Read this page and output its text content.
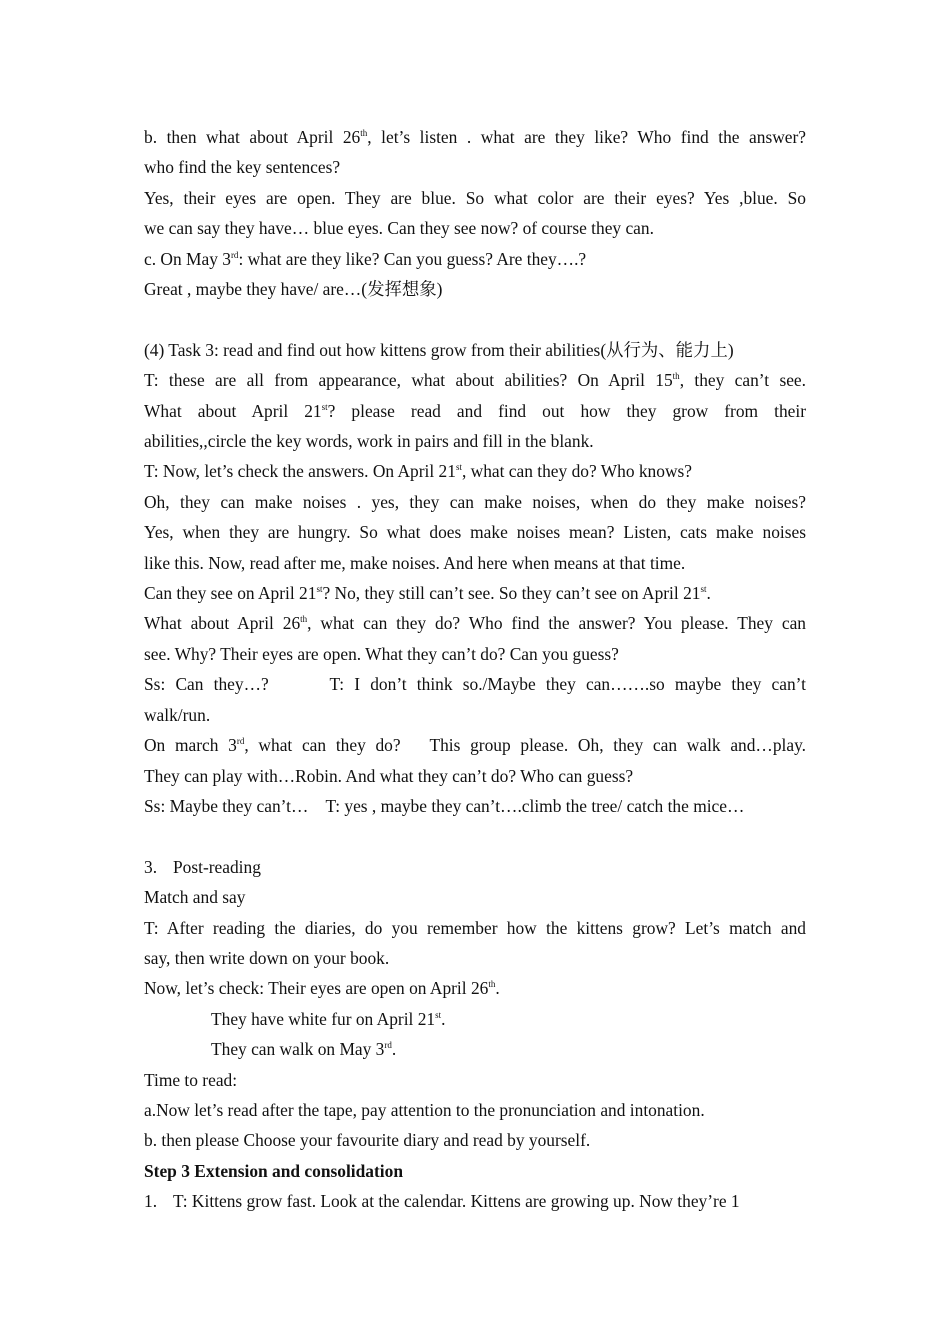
b. then what about April 26th, let’s listen . what are they like? Who find the answer?
who find the key sentences?
Yes, their eyes are open. They are blue. So what color are their eyes? Yes ,blue. So
we can say they have… blue eyes. Can they see now? of course they can.
c. On May 3rd: what are they like? Can you guess? Are they….?
Great , maybe they have/ are…(发挥想象)
(4) Task 3: read and find out how kittens grow from their abilities(从行为、能力上)
T: these are all from appearance, what about abilities? On April 15th, they can’t see.
What about April 21st? please read and find out how they grow from their
abilities,,circle the key words, work in pairs and fill in the blank.
T: Now, let’s check the answers. On April 21st, what can they do? Who knows?
Oh, they can make noises . yes, they can make noises, when do they make noises?
Yes, when they are hungry. So what does make noises mean? Listen, cats make noises
like this. Now, read after me, make noises. And here when means at that time.
Can they see on April 21st? No, they still can’t see. So they can’t see on April 21st.
What about April 26th, what can they do? Who find the answer? You please. They can
see. Why? Their eyes are open. What they can’t do? Can you guess?
Ss: Can they…?      T: I don’t think so./Maybe they can…….so maybe they can’t
walk/run.
On march 3rd, what can they do?   This group please. Oh, they can walk and…play.
They can play with…Robin. And what they can’t do? Who can guess?
Ss: Maybe they can’t…    T: yes , maybe they can’t….climb the tree/ catch the mice…
3. Post-reading
Match and say
T: After reading the diaries, do you remember how the kittens grow? Let’s match and
say, then write down on your book.
Now, let’s check: Their eyes are open on April 26th.
They have white fur on April 21st.
They can walk on May 3rd.
Time to read:
a.Now let’s read after the tape, pay attention to the pronunciation and intonation.
b. then please Choose your favourite diary and read by yourself.
Step 3 Extension and consolidation
1. T: Kittens grow fast. Look at the calendar. Kittens are growing up. Now they’re 1
